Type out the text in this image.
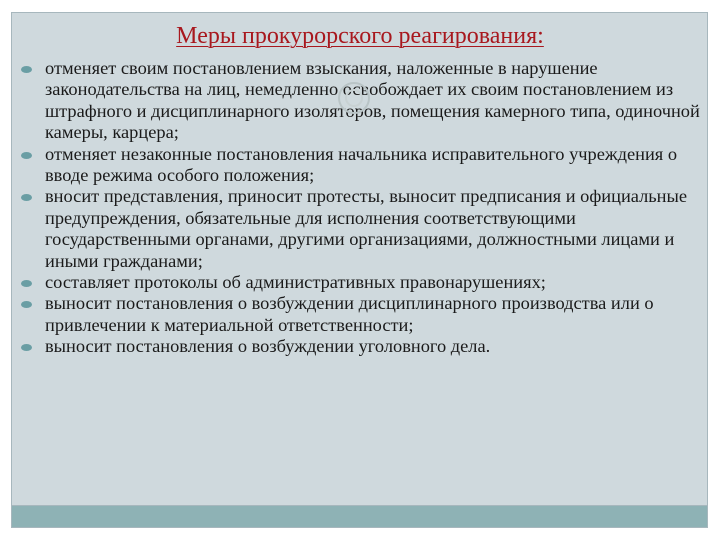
Меры прокурорского реагирования:
отменяет своим постановлением взыскания, наложенные в нарушение законодательства на лиц, немедленно освобождает их своим постановлением из штрафного и дисциплинарного изоляторов, помещения камерного типа, одиночной камеры, карцера;
отменяет незаконные постановления начальника исправительного учреждения о вводе режима особого положения;
вносит представления, приносит протесты, выносит предписания и официальные предупреждения, обязательные для исполнения соответствующими государственными органами, другими организациями, должностными лицами и иными гражданами;
составляет протоколы об административных правонарушениях;
выносит постановления о возбуждении дисциплинарного производства или о привлечении к материальной ответственности;
выносит постановления о возбуждении уголовного дела.
